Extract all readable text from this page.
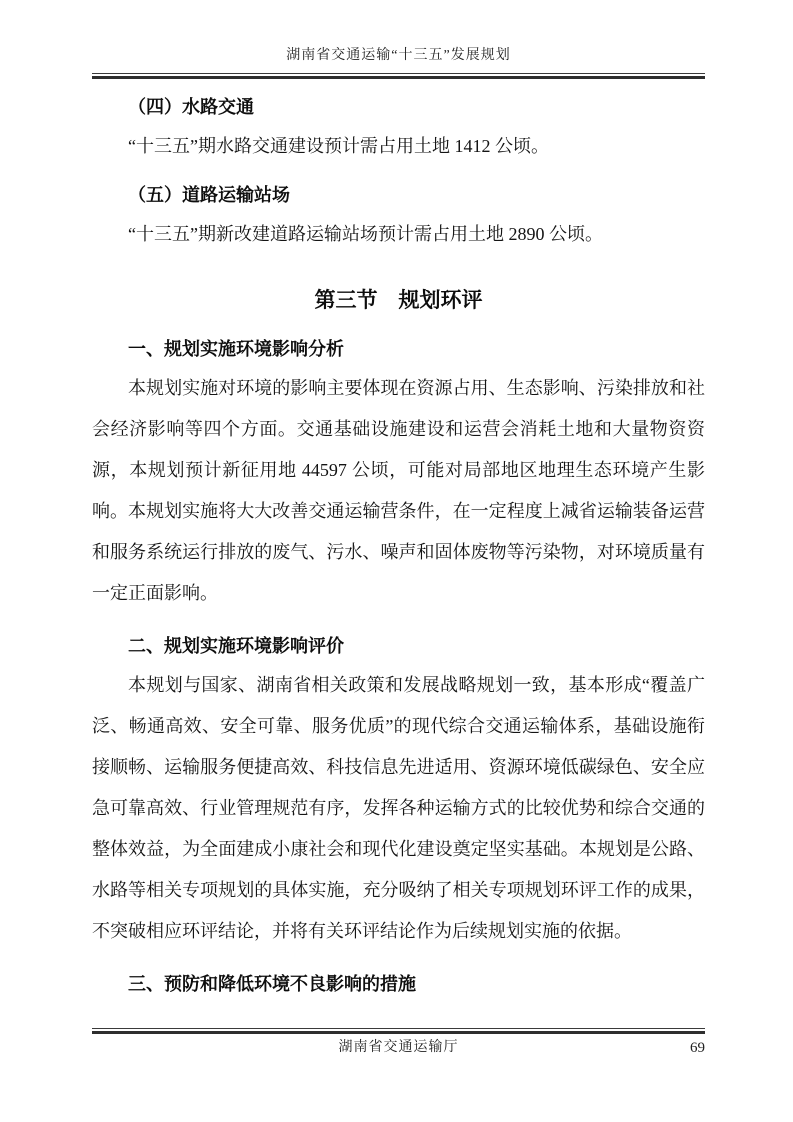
湖南省交通运输“十三五”发展规划
（四）水路交通

“十三五”期水路交通建设预计需占用土地 1412 公顷。

（五）道路运输站场

“十三五”期新改建道路运输站场预计需占用土地 2890 公顷。

第三节　规划环评
一、规划实施环境影响分析

本规划实施对环境的影响主要体现在资源占用、生态影响、污染排放和社会经济影响等四个方面。交通基础设施建设和运营会消耗土地和大量物资资源，本规划预计新征用地 44597 公顷，可能对局部地区地理生态环境产生影响。本规划实施将大大改善交通运输营条件，在一定程度上减省运输装备运营和服务系统运行排放的废气、污水、噪声和固体废物等污染物，对环境质量有一定正面影响。

二、规划实施环境影响评价

本规划与国家、湖南省相关政策和发展战略规划一致，基本形成“覆盖广泛、畅通高效、安全可靠、服务优质”的现代综合交通运输体系，基础设施衔接顺畅、运输服务便捷高效、科技信息先进适用、资源环境低碳绿色、安全应急可靠高效、行业管理规范有序，发挥各种运输方式的比较优势和综合交通的整体效益，为全面建成小康社会和现代化建设奠定坚实基础。本规划是公路、水路等相关专项规划的具体实施，充分吸纳了相关专项规划环评工作的成果，不突破相应环评结论，并将有关环评结论作为后续规划实施的依据。

三、预防和降低环境不良影响的措施
湖南省交通运输厅	69
